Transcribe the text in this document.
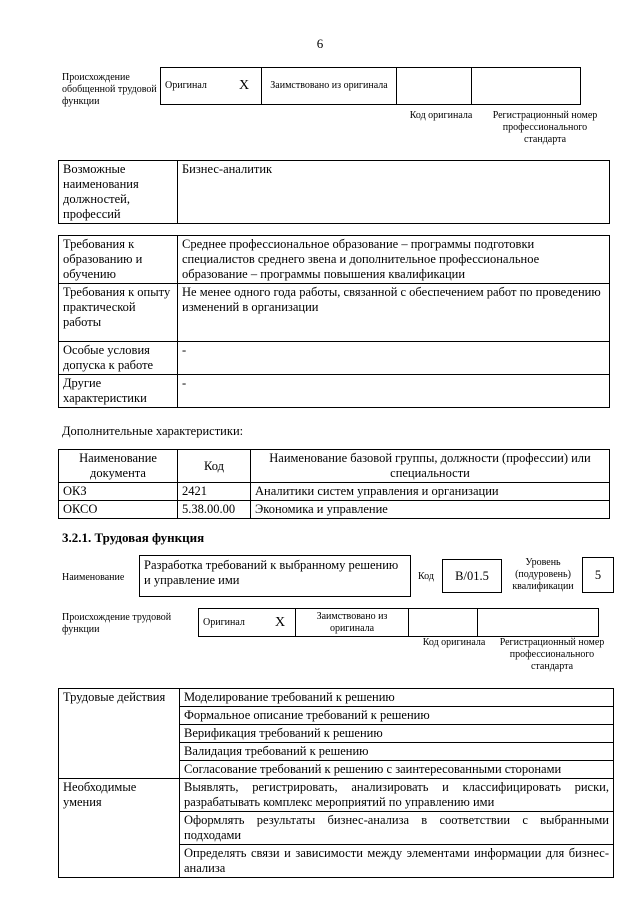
6
Происхождение обобщенной трудовой функции
Оригинал	X	Заимствовано из оригинала		
Код оригинала	Регистрационный номер профессионального стандарта
Возможные наименования должностей, профессий	Бизнес-аналитик
Требования к образованию и обучению	Среднее профессиональное образование – программы подготовки специалистов среднего звена и дополнительное профессиональное образование – программы повышения квалификации
Требования к опыту практической работы	Не менее одного года работы, связанной с обеспечением работ по проведению изменений в организации
Особые условия допуска к работе	-
Другие характеристики	-
Дополнительные характеристики:
Наименование документа	Код	Наименование базовой группы, должности (профессии) или специальности
ОКЗ	2421	Аналитики систем управления и организации
ОКСО	5.38.00.00	Экономика и управление
3.2.1. Трудовая функция
Наименование
Разработка требований к выбранному решению и управление ими	Код	B/01.5
Уровень (подуровень) квалификации
5
Происхождение трудовой функции
Оригинал	X	Заимствовано из оригинала		
Код оригинала	Регистрационный номер профессионального стандарта
Трудовые действия	Моделирование требований к решению
	Формальное описание требований к решению
	Верификация требований к решению
	Валидация требований к решению
	Согласование требований к решению с заинтересованными сторонами
Необходимые умения	Выявлять, регистрировать, анализировать и классифицировать риски, разрабатывать комплекс мероприятий по управлению ими
	Оформлять результаты бизнес-анализа в соответствии с выбранными подходами
	Определять связи и зависимости между элементами информации для бизнес-анализа
